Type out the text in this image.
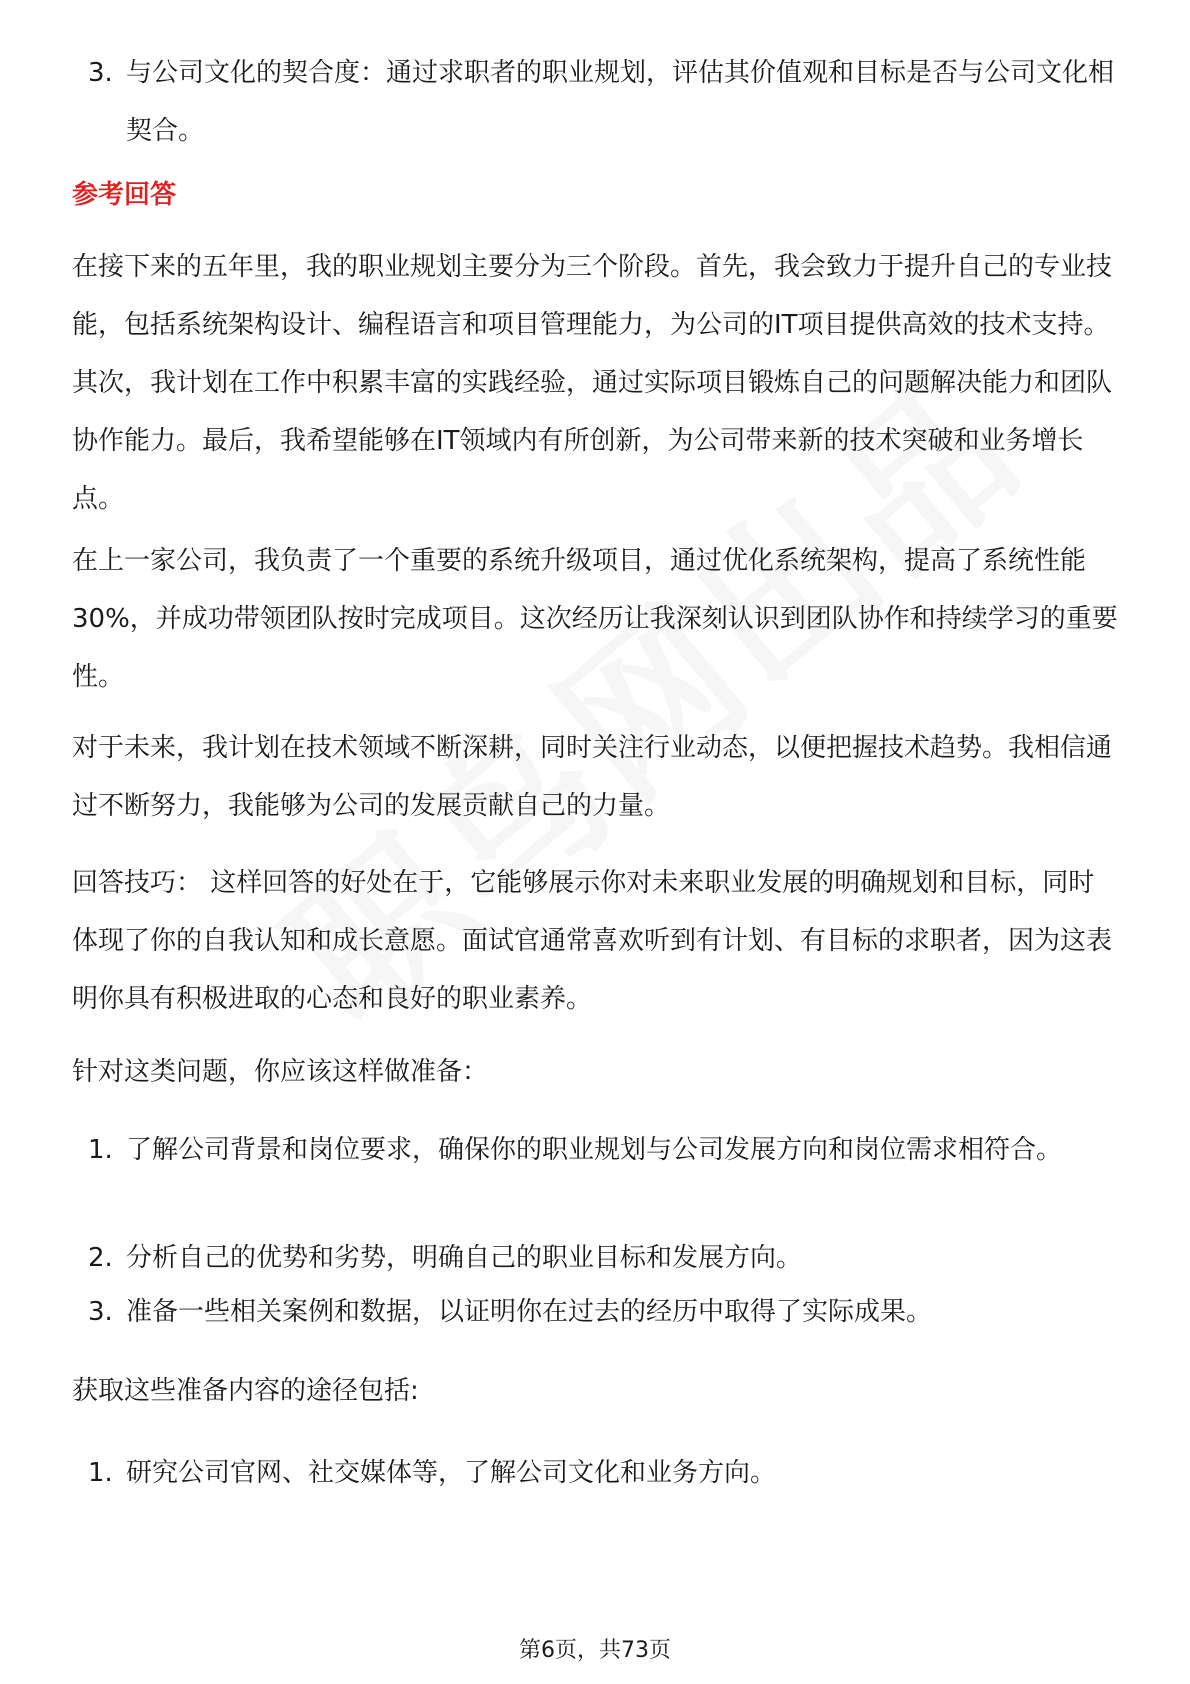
3. 与公司文化的契合度：通过求职者的职业规划，评估其价值观和目标是否与公司文化相契合。
参考回答
在接下来的五年里，我的职业规划主要分为三个阶段。首先，我会致力于提升自己的专业技能，包括系统架构设计、编程语言和项目管理能力，为公司的IT项目提供高效的技术支持。其次，我计划在工作中积累丰富的实践经验，通过实际项目锻炼自己的问题解决能力和团队协作能力。最后，我希望能够在IT领域内有所创新，为公司带来新的技术突破和业务增长点。
在上一家公司，我负责了一个重要的系统升级项目，通过优化系统架构，提高了系统性能30%，并成功带领团队按时完成项目。这次经历让我深刻认识到团队协作和持续学习的重要性。
对于未来，我计划在技术领域不断深耕，同时关注行业动态，以便把握技术趋势。我相信通过不断努力，我能够为公司的发展贡献自己的力量。
回答技巧： 这样回答的好处在于，它能够展示你对未来职业发展的明确规划和目标，同时体现了你的自我认知和成长意愿。面试官通常喜欢听到有计划、有目标的求职者，因为这表明你具有积极进取的心态和良好的职业素养。
针对这类问题，你应该这样做准备：
1. 了解公司背景和岗位要求，确保你的职业规划与公司发展方向和岗位需求相符合。
2. 分析自己的优势和劣势，明确自己的职业目标和发展方向。
3. 准备一些相关案例和数据，以证明你在过去的经历中取得了实际成果。
获取这些准备内容的途径包括:
1. 研究公司官网、社交媒体等，了解公司文化和业务方向。
第6页，共73页
